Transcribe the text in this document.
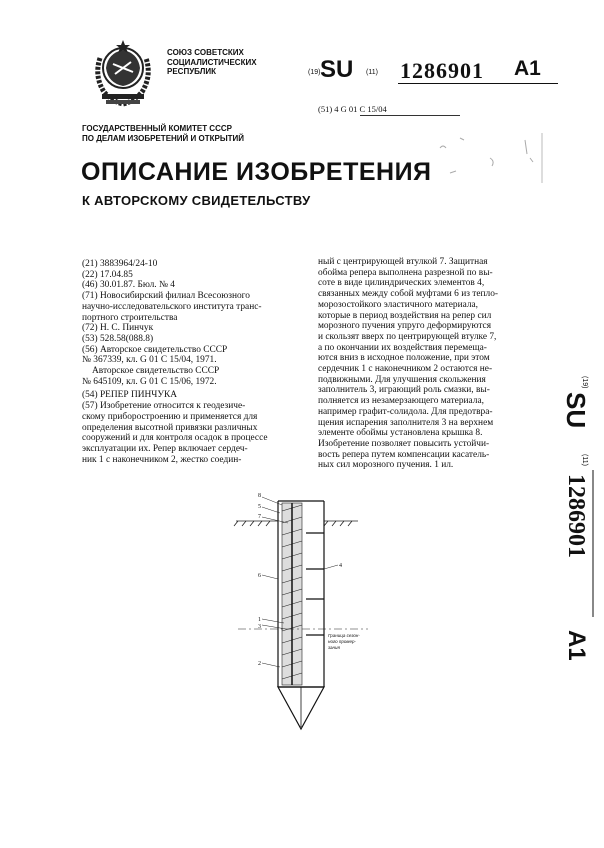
СОЮЗ СОВЕТСКИХ
СОЦИАЛИСТИЧЕСКИХ
РЕСПУБЛИК	(19) SU (11) 1286901 A1
(51) 4 G 01 C 15/04
ГОСУДАРСТВЕННЫЙ КОМИТЕТ СССР
ПО ДЕЛАМ ИЗОБРЕТЕНИЙ И ОТКРЫТИЙ
ОПИСАНИЕ ИЗОБРЕТЕНИЯ
К АВТОРСКОМУ СВИДЕТЕЛЬСТВУ

(21) 3883964/24-10

(22) 17.04.85

(46) 30.01.87. Бюл. № 4

(71) Новосибирский филиал Всесоюзного

научно-исследовательского института транс-

портного строительства

(72) Н. С. Пинчук

(53) 528.58(088.8)

(56) Авторское свидетельство СССР

№ 367339, кл. G 01 C 15/04, 1971.

Авторское свидетельство СССР

№ 645109, кл. G 01 C 15/06, 1972.

(54) РЕПЕР ПИНЧУКА

(57) Изобретение относится к геодезиче-

скому приборостроению и применяется для

определения высотной привязки различных

сооружений и для контроля осадок в процессе

эксплуатации их. Репер включает сердеч-

ник 1 с наконечником 2, жестко соедин-

ный с центрирующей втулкой 7. Защитная

обойма репера выполнена разрезной по вы-

соте в виде цилиндрических элементов 4,

связанных между собой муфтами 6 из тепло-

морозостойкого эластичного материала,

которые в период воздействия на репер сил

морозного пучения упруго деформируются

и скользят вверх по центрирующей втулке 7,

а по окончании их воздействия перемеща-

ются вниз в исходное положение, при этом

сердечник 1 с наконечником 2 остаются не-

подвижными. Для улучшения скольжения

заполнитель 3, играющий роль смазки, вы-

полняется из незамерзающего материала,

например графит-солидола. Для предотвра-

щения испарения заполнителя 3 на верхнем

элементе обоймы установлена крышка 8.

Изобретение позволяет повысить устойчи-

вость репера путем компенсации касатель-

ных сил морозного пучения. 1 ил.

(19)
SU
(11)
1286901
A1
8
5
7
6
4
1
3
2
Граница сезон-
ного промер-
зания
